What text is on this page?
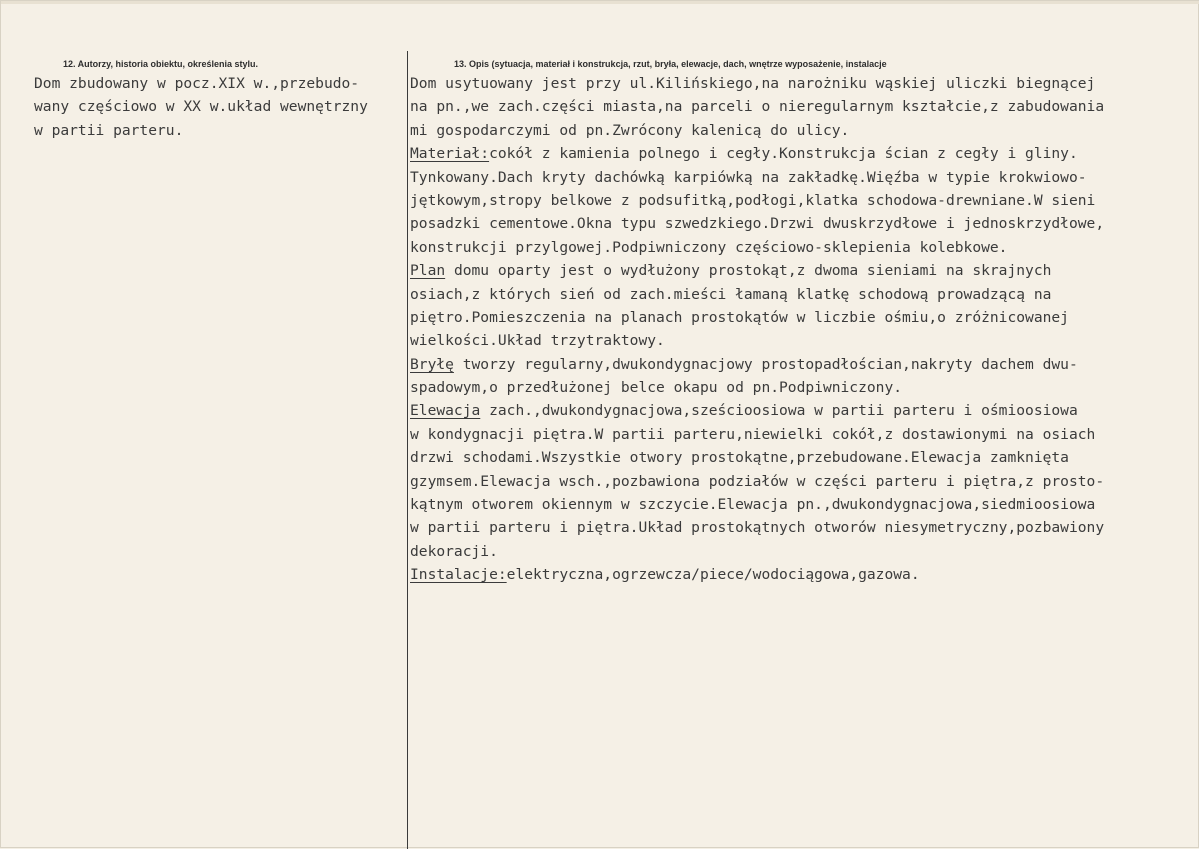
12. Autorzy, historia obiektu, określenia stylu.	13. Opis (sytuacja, materiał i konstrukcja, rzut, bryła, elewacje, dach, wnętrze wyposażenie, instalacje
Dom zbudowany w pocz.XIX w.,przebudo-
wany częściowo w XX w.układ wewnętrzny
w partii parteru.
Dom usytuowany jest przy ul.Kilińskiego,na narożniku wąskiej uliczki biegnącej
na pn.,we zach.części miasta,na parceli o nieregularnym kształcie,z zabudowania
mi gospodarczymi od pn.Zwrócony kalenicą do ulicy.
Materiał:cokół z kamienia polnego i cegły.Konstrukcja ścian z cegły i gliny.
Tynkowany.Dach kryty dachówką karpiówką na zakładkę.Więźba w typie krokwiowo-
jętkowym,stropy belkowe z podsufitką,podłogi,klatka schodowa-drewniane.W sieni
posadzki cementowe.Okna typu szwedzkiego.Drzwi dwuskrzydłowe i jednoskrzydłowe,
konstrukcji przylgowej.Podpiwniczony częściowo-sklepienia kolebkowe.
Plan domu oparty jest o wydłużony prostokąt,z dwoma sieniami na skrajnych
osiach,z których sień od zach.mieści łamaną klatkę schodową prowadzącą na
piętro.Pomieszczenia na planach prostokątów w liczbie ośmiu,o zróżnicowanej
wielkości.Układ trzytraktowy.
Bryłę tworzy regularny,dwukondygnacjowy prostopadłościan,nakryty dachem dwu-
spadowym,o przedłużonej belce okapu od pn.Podpiwniczony.
Elewacja zach.,dwukondygnacjowa,sześcioosiowa w partii parteru i ośmioosiowa
w kondygnacji piętra.W partii parteru,niewielki cokół,z dostawionymi na osiach
drzwi schodami.Wszystkie otwory prostokątne,przebudowane.Elewacja zamknięta
gzymsem.Elewacja wsch.,pozbawiona podziałów w części parteru i piętra,z prosto-
kątnym otworem okiennym w szczycie.Elewacja pn.,dwukondygnacjowa,siedmioosiowa
w partii parteru i piętra.Układ prostokątnych otworów niesymetryczny,pozbawiony
dekoracji.
Instalacje:elektryczna,ogrzewcza/piece/wodociągowa,gazowa.
